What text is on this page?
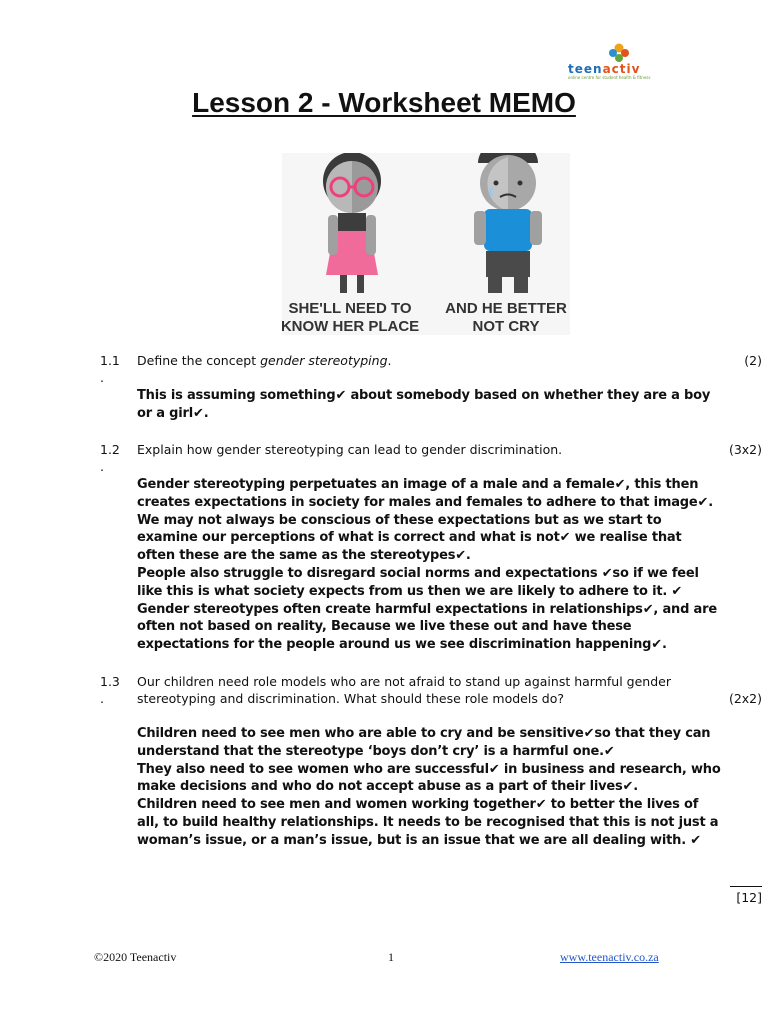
teenactiv
online centre for student health & fitness
Lesson 2 - Worksheet MEMO
SHE'LL NEED TO
KNOW HER PLACE
AND HE BETTER
NOT CRY
1.1
.
Define the concept gender stereotyping.	(2)

This is assuming something✔ about somebody based on whether they are a boy or a girl✔.

1.2
.
Explain how gender stereotyping can lead to gender discrimination.	(3x2)

Gender stereotyping perpetuates an image of a male and a female✔, this then creates expectations in society for males and females to adhere to that image✔.

We may not always be conscious of these expectations but as we start to examine our perceptions of what is correct and what is not✔ we realise that often these are the same as the stereotypes✔.

People also struggle to disregard social norms and expectations ✔so if we feel like this is what society expects from us then we are likely to adhere to it. ✔

Gender stereotypes often create harmful expectations in relationships✔, and are often not based on reality, Because we live these out and have these expectations for the people around us we see discrimination happening✔.

1.3
.
Our children need role models who are not afraid to stand up against harmful gender
stereotyping and discrimination. What should these role models do?	(2x2)

Children need to see men who are able to cry and be sensitive✔so that they can understand that the stereotype ‘boys don’t cry’ is a harmful one.✔

They also need to see women who are successful✔ in business and research, who make decisions and who do not accept abuse as a part of their lives✔.

Children need to see men and women working together✔ to better the lives of all, to build healthy relationships. It needs to be recognised that this is not just a woman’s issue, or a man’s issue, but is an issue that we are all dealing with. ✔

[12]
©2020 Teenactiv	1	www.teenactiv.co.za
